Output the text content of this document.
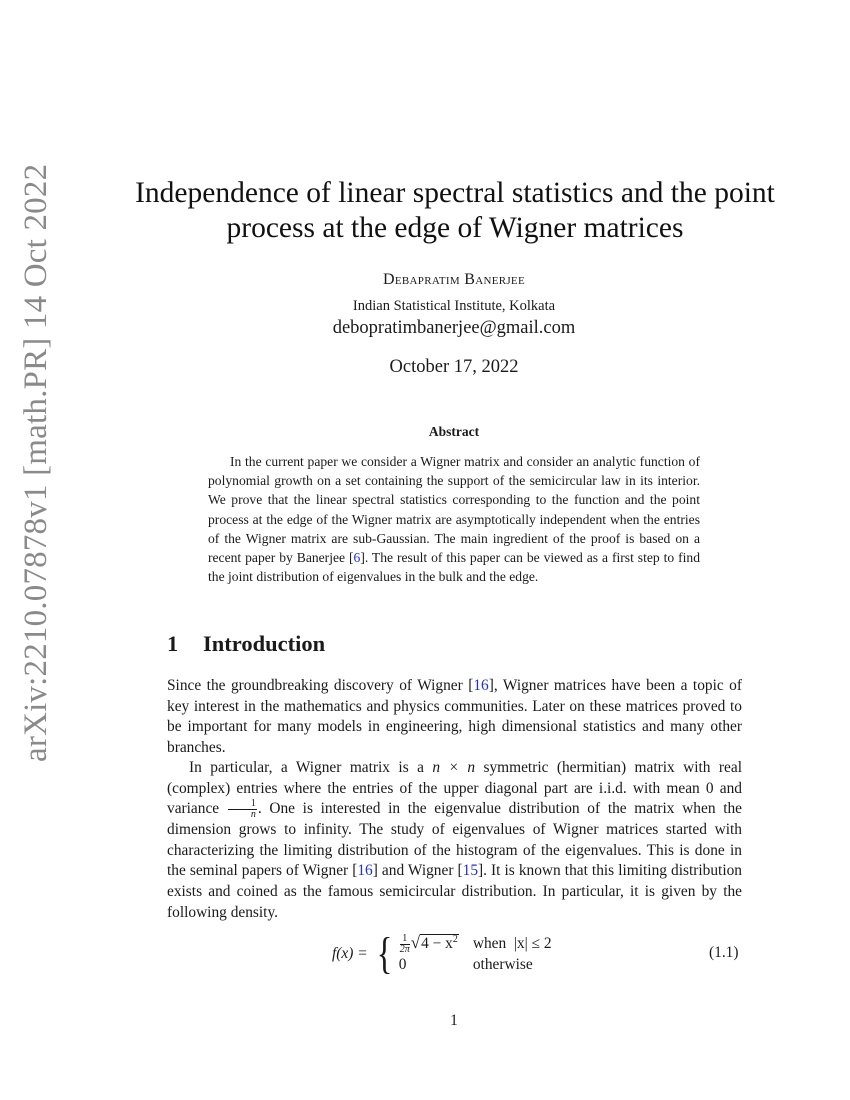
arXiv:2210.07878v1 [math.PR] 14 Oct 2022	Independence of linear spectral statistics and the point process at the edge of Wigner matrices
Debapratim Banerjee
Indian Statistical Institute, Kolkata
debopratimbanerjee@gmail.com
October 17, 2022
Abstract
In the current paper we consider a Wigner matrix and consider an analytic function of polynomial growth on a set containing the support of the semicircular law in its interior. We prove that the linear spectral statistics corresponding to the function and the point process at the edge of the Wigner matrix are asymptotically independent when the entries of the Wigner matrix are sub-Gaussian. The main ingredient of the proof is based on a recent paper by Banerjee [6]. The result of this paper can be viewed as a first step to find the joint distribution of eigenvalues in the bulk and the edge.
1 Introduction
Since the groundbreaking discovery of Wigner [16], Wigner matrices have been a topic of key interest in the mathematics and physics communities. Later on these matrices proved to be important for many models in engineering, high dimensional statistics and many other branches.
In particular, a Wigner matrix is a n × n symmetric (hermitian) matrix with real (complex) entries where the entries of the upper diagonal part are i.i.d. with mean 0 and variance $\frac{1}{n}$ . One is interested in the eigenvalue distribution of the matrix when the dimension grows to infinity. The study of eigenvalues of Wigner matrices started with characterizing the limiting distribution of the histogram of the eigenvalues. This is done in the seminal papers of Wigner [16] and Wigner [15]. It is known that this limiting distribution exists and coined as the famous semicircular distribution. In particular, it is given by the following density.
f(x) = { $\frac{1}{2\pi}$ √ $4 - x^2$ when  |x| ≤ 2
0	otherwise
(1.1)
1
